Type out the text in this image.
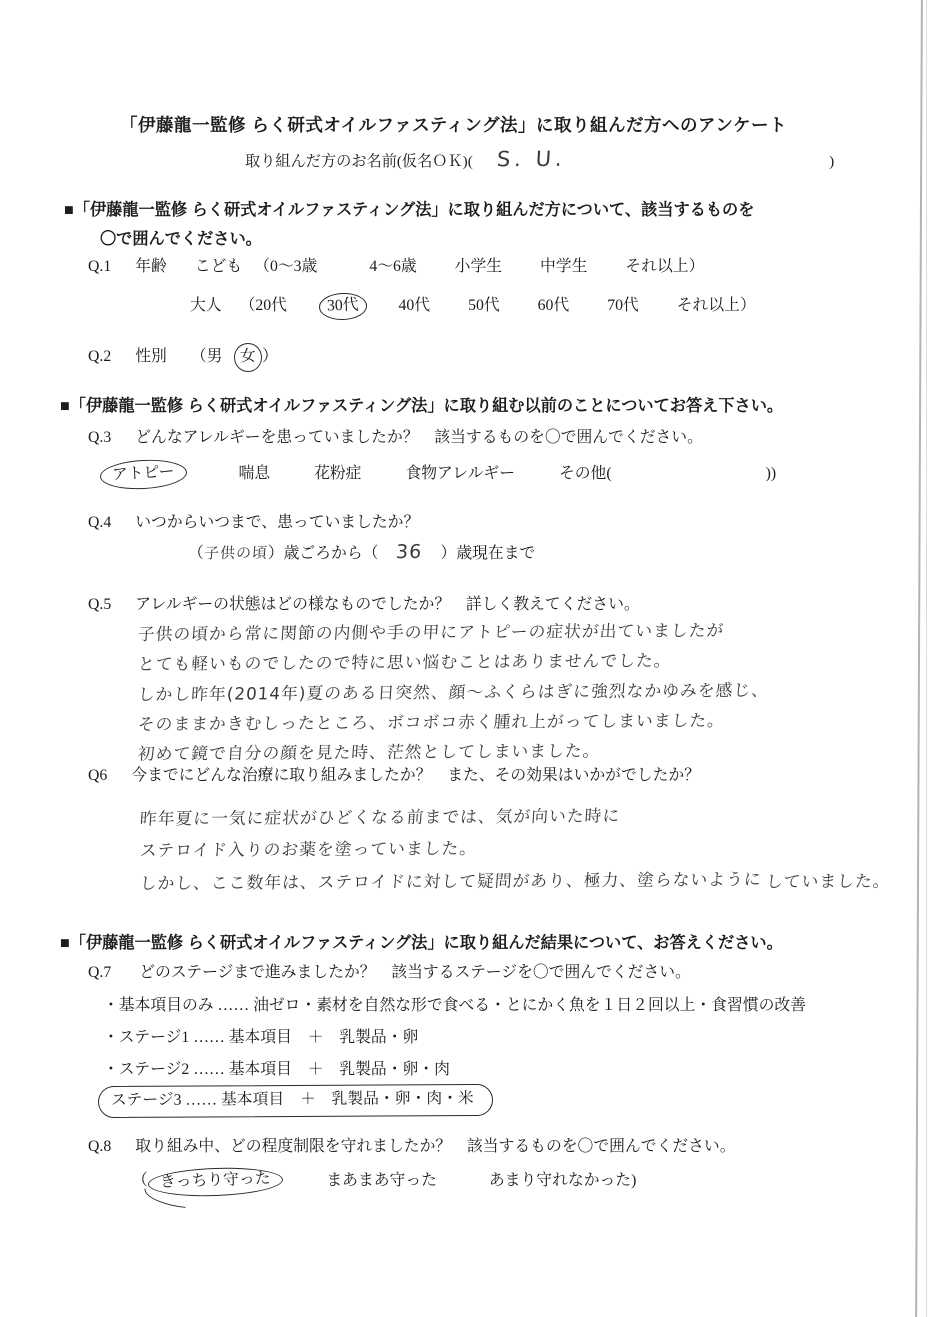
「伊藤龍一監修 らく研式オイルファスティング法」に取り組んだ方へのアンケート
取り組んだ方のお名前(仮名ＯＫ)( S. U.	)
■「伊藤龍一監修 らく研式オイルファスティング法」に取り組んだ方について、該当するものを
〇で囲んでください。
Q.1 年齢 こども （0～3歳	4～6歳 小学生 中学生 それ以上）
大人 （20代	30代	40代 50代 60代 70代 それ以上）
Q.2 性別 （男 女 ）
■「伊藤龍一監修 らく研式オイルファスティング法」に取り組む以前のことについてお答え下さい。
Q.3 どんなアレルギーを患っていましたか？　該当するものを〇で囲んでください。
アトピー	喘息	花粉症	食物アレルギー	その他(	))
Q.4 いつからいつまで、患っていましたか？
（子供の頃）歳ごろから（ 36 ）歳現在まで
Q.5 アレルギーの状態はどの様なものでしたか？　詳しく教えてください。
子供の頃から常に関節の内側や手の甲にアトピーの症状が出ていましたが とても軽いものでしたので特に思い悩むことはありませんでした。 しかし昨年(2014年)夏のある日突然、顔～ふくらはぎに強烈なかゆみを感じ、 そのままかきむしったところ、ボコボコ赤く腫れ上がってしまいました。 初めて鏡で自分の顔を見た時、茫然としてしまいました。
Q6 今までにどんな治療に取り組みましたか？　また、その効果はいかがでしたか？
昨年夏に一気に症状がひどくなる前までは、気が向いた時に ステロイド入りのお薬を塗っていました。 しかし、ここ数年は、ステロイドに対して疑問があり、極力、塗らないように していました。
■「伊藤龍一監修 らく研式オイルファスティング法」に取り組んだ結果について、お答えください。
Q.7 どのステージまで進みましたか？　該当するステージを〇で囲んでください。
・基本項目のみ …… 油ゼロ・素材を自然な形で食べる・とにかく魚を１日２回以上・食習慣の改善
・ステージ1 …… 基本項目　＋　乳製品・卵
・ステージ2 …… 基本項目　＋　乳製品・卵・肉
ステージ3 …… 基本項目　＋　乳製品・卵・肉・米
Q.8 取り組み中、どの程度制限を守れましたか？　該当するものを〇で囲んでください。
（ きっちり守った	まあまあ守った	あまり守れなかった)
